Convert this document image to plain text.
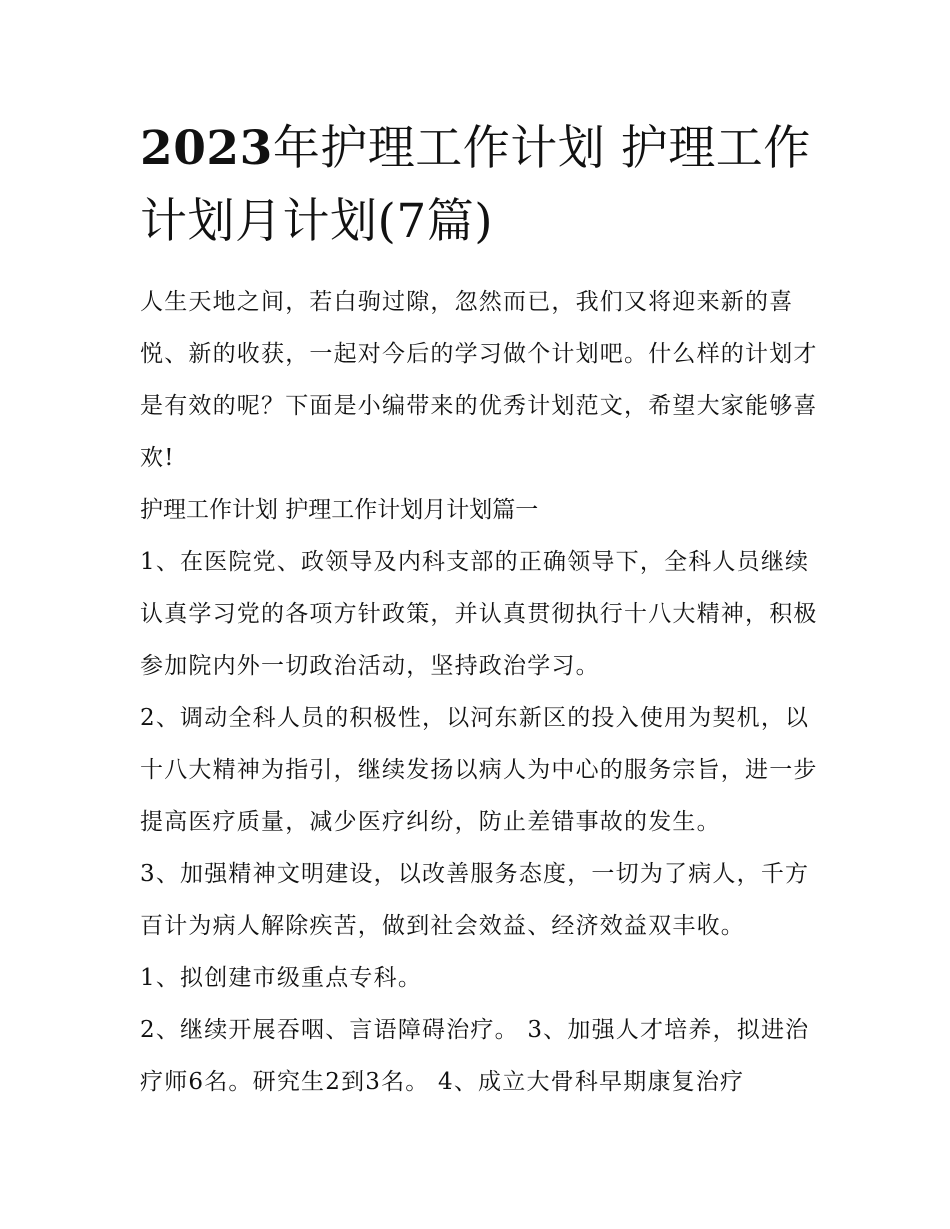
2023年护理工作计划 护理工作计划月计划(7篇)

人生天地之间，若白驹过隙，忽然而已，我们又将迎来新的喜悦、新的收获，一起对今后的学习做个计划吧。什么样的计划才是有效的呢？下面是小编带来的优秀计划范文，希望大家能够喜欢!

护理工作计划 护理工作计划月计划篇一

1、在医院党、政领导及内科支部的正确领导下，全科人员继续认真学习党的各项方针政策，并认真贯彻执行十八大精神，积极参加院内外一切政治活动，坚持政治学习。

2、调动全科人员的积极性，以河东新区的投入使用为契机，以十八大精神为指引，继续发扬以病人为中心的服务宗旨，进一步提高医疗质量，减少医疗纠纷，防止差错事故的发生。

3、加强精神文明建设，以改善服务态度，一切为了病人，千方百计为病人解除疾苦，做到社会效益、经济效益双丰收。

1、拟创建市级重点专科。

2、继续开展吞咽、言语障碍治疗。 3、加强人才培养，拟进治疗师6名。研究生2到3名。 4、成立大骨科早期康复治疗
